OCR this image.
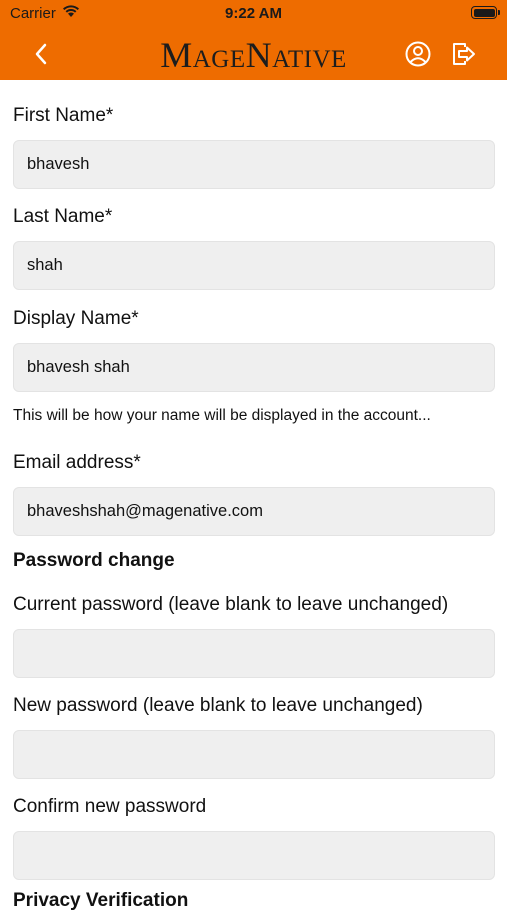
Carrier	9:22 AM
MageNative
First Name*
bhavesh
Last Name*
shah
Display Name*
bhavesh shah
This will be how your name will be displayed in the account...
Email address*
bhaveshshah@magenative.com
Password change
Current password (leave blank to leave unchanged)
New password (leave blank to leave unchanged)
Confirm new password
Privacy Verification
